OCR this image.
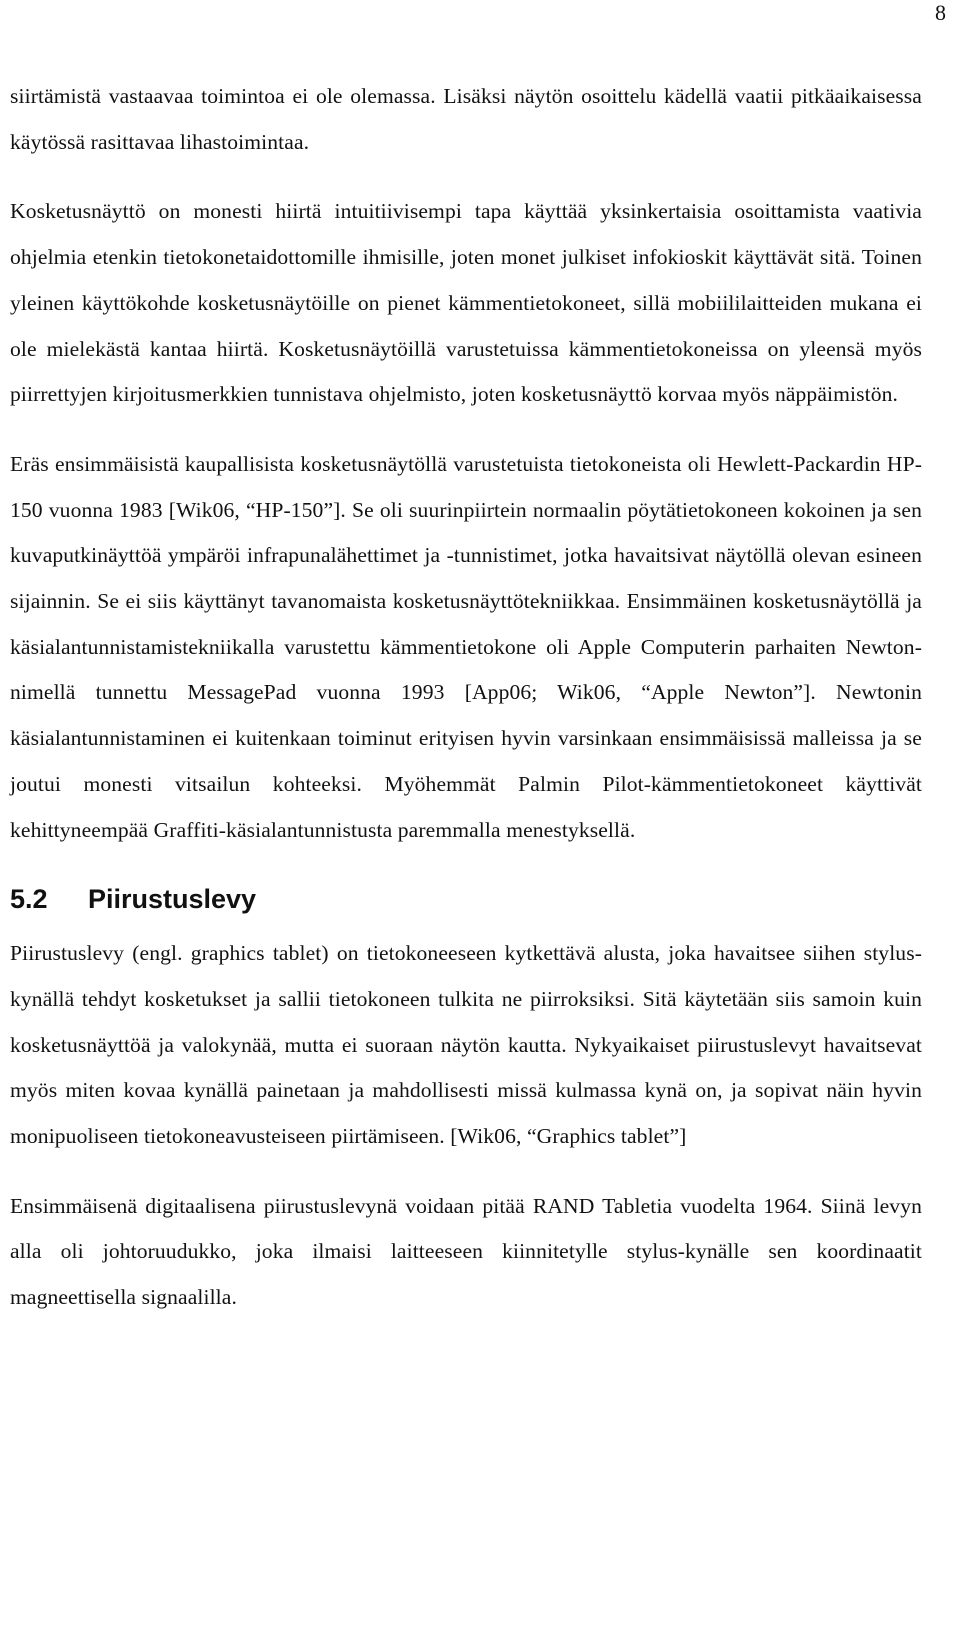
8

siirtämistä vastaavaa toimintoa ei ole olemassa. Lisäksi näytön osoittelu kädellä vaatii pitkäaikaisessa käytössä rasittavaa lihastoimintaa.

Kosketusnäyttö on monesti hiirtä intuitiivisempi tapa käyttää yksinkertaisia osoittamista vaativia ohjelmia etenkin tietokonetaidottomille ihmisille, joten monet julkiset infokioskit käyttävät sitä. Toinen yleinen käyttökohde kosketusnäytöille on pienet kämmentietokoneet, sillä mobiililaitteiden mukana ei ole mielekästä kantaa hiirtä. Kosketusnäytöillä varustetuissa kämmentietokoneissa on yleensä myös piirrettyjen kirjoitusmerkkien tunnistava ohjelmisto, joten kosketusnäyttö korvaa myös näppäimistön.

Eräs ensimmäisistä kaupallisista kosketusnäytöllä varustetuista tietokoneista oli Hewlett-Packardin HP-150 vuonna 1983 [Wik06, “HP-150”]. Se oli suurinpiirtein normaalin pöytätietokoneen kokoinen ja sen kuvaputkinäyttöä ympäröi infrapunalähettimet ja -tunnistimet, jotka havaitsivat näytöllä olevan esineen sijainnin. Se ei siis käyttänyt tavanomaista kosketusnäyttötekniikkaa. Ensimmäinen kosketusnäytöllä ja käsialantunnistamistekniikalla varustettu kämmentietokone oli Apple Computerin parhaiten Newton-nimellä tunnettu MessagePad vuonna 1993 [App06; Wik06, “Apple Newton”]. Newtonin käsialantunnistaminen ei kuitenkaan toiminut erityisen hyvin varsinkaan ensimmäisissä malleissa ja se joutui monesti vitsailun kohteeksi. Myöhemmät Palmin Pilot-kämmentietokoneet käyttivät kehittyneempää Graffiti-käsialantunnistusta paremmalla menestyksellä.

5.2	Piirustuslevy

Piirustuslevy (engl. graphics tablet) on tietokoneeseen kytkettävä alusta, joka havaitsee siihen stylus-kynällä tehdyt kosketukset ja sallii tietokoneen tulkita ne piirroksiksi. Sitä käytetään siis samoin kuin kosketusnäyttöä ja valokynää, mutta ei suoraan näytön kautta. Nykyaikaiset piirustuslevyt havaitsevat myös miten kovaa kynällä painetaan ja mahdollisesti missä kulmassa kynä on, ja sopivat näin hyvin monipuoliseen tietokoneavusteiseen piirtämiseen. [Wik06, “Graphics tablet”]

Ensimmäisenä digitaalisena piirustuslevynä voidaan pitää RAND Tabletia vuodelta 1964. Siinä levyn alla oli johtoruudukko, joka ilmaisi laitteeseen kiinnitetylle stylus-kynälle sen koordinaatit magneettisella signaalilla.
